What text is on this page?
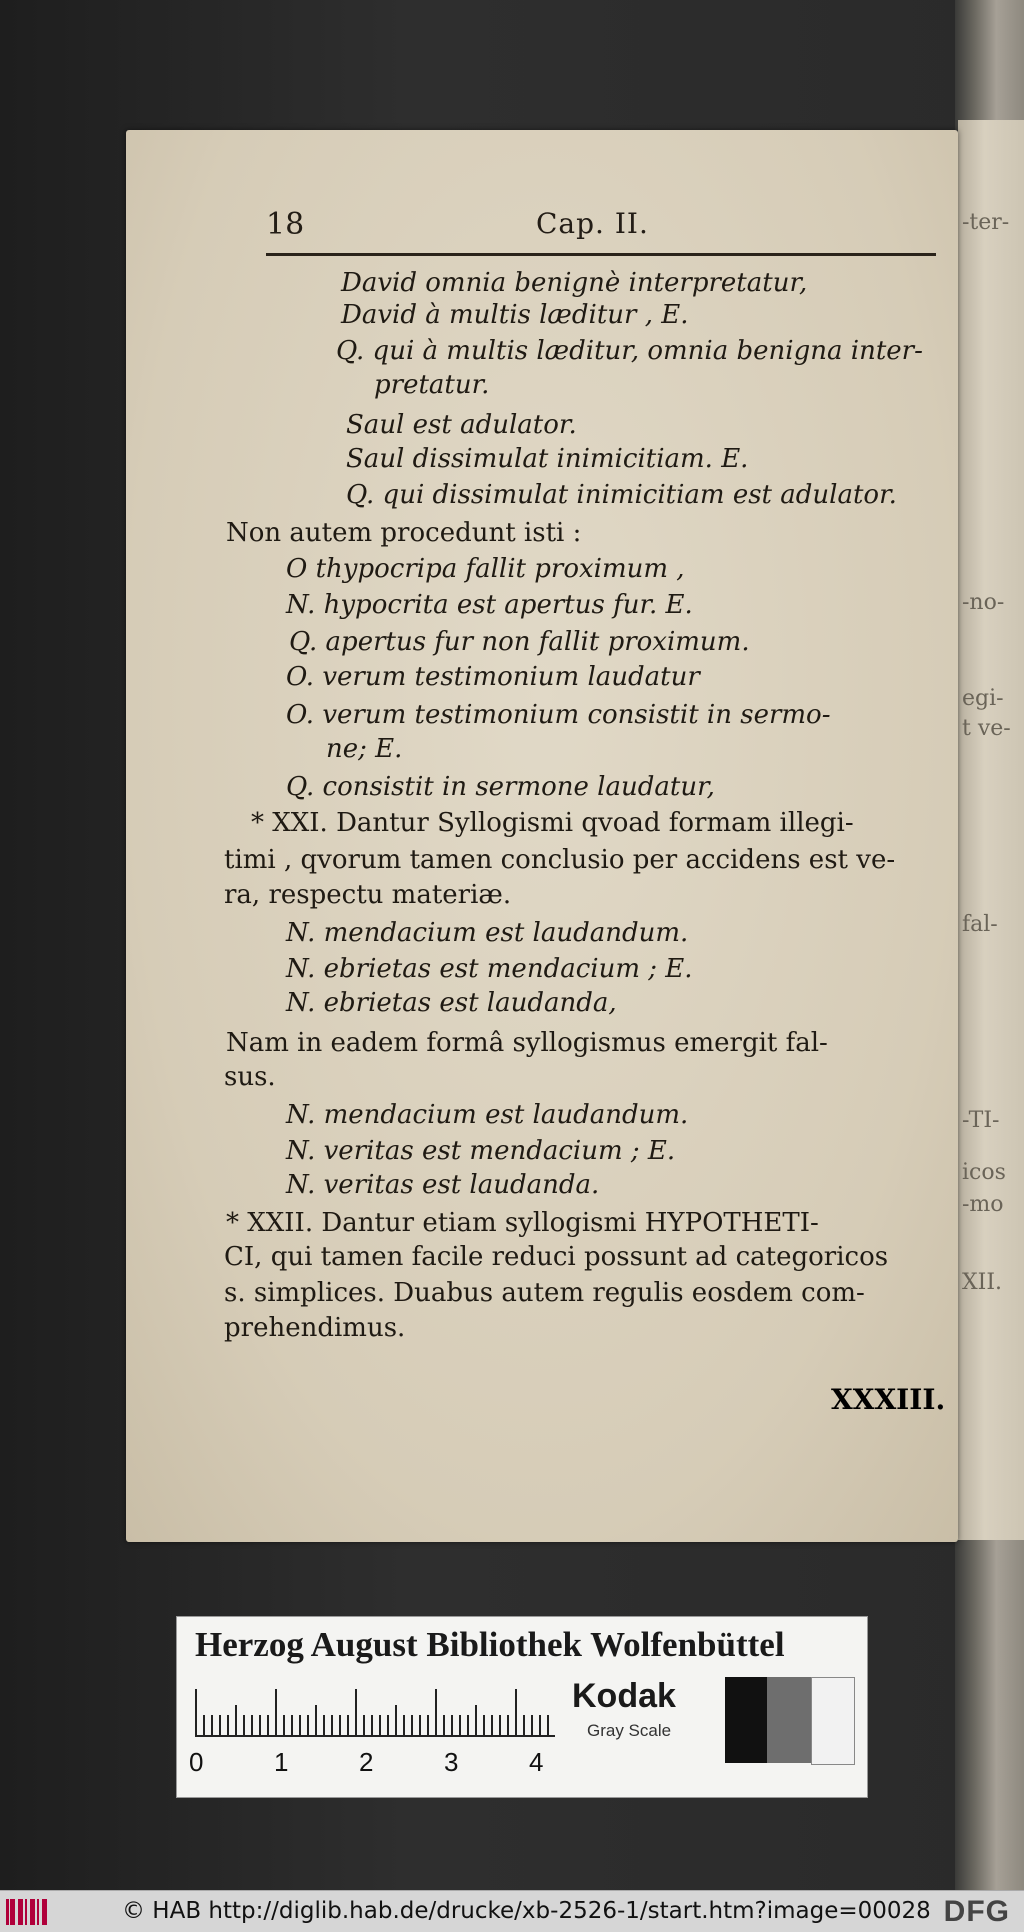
-ter-
-no-
egi-
t ve-
fal-
-TI-
icos
-mo
XII.
18	Cap. II.
David omnia benignè interpretatur,
David à multis læditur , E.
Q. qui à multis læditur, omnia benigna inter-
pretatur.
Saul est adulator.
Saul dissimulat inimicitiam. E.
Q. qui dissimulat inimicitiam est adulator.
Non autem procedunt isti :
O thypocripa fallit proximum ,
N. hypocrita est apertus fur. E.
Q. apertus fur non fallit proximum.
O. verum testimonium laudatur
O. verum testimonium consistit in sermo-
ne; E.
Q. consistit in sermone laudatur,
* XXI. Dantur Syllogismi qvoad formam illegi-
timi , qvorum tamen conclusio per accidens est ve-
ra, respectu materiæ.
N. mendacium est laudandum.
N. ebrietas est mendacium ; E.
N. ebrietas est laudanda,
Nam in eadem formâ syllogismus emergit fal-
sus.
N. mendacium est laudandum.
N. veritas est mendacium ; E.
N. veritas est laudanda.
* XXII. Dantur etiam syllogismi HYPOTHETI-
CI, qui tamen facile reduci possunt ad categoricos
s. simplices. Duabus autem regulis eosdem com-
prehendimus.
XXXIII.
Herzog August Bibliothek Wolfenbüttel
0	1	2	3	4
Kodak
Gray Scale
© HAB http://diglib.hab.de/drucke/xb-2526-1/start.htm?image=00028 DFG
